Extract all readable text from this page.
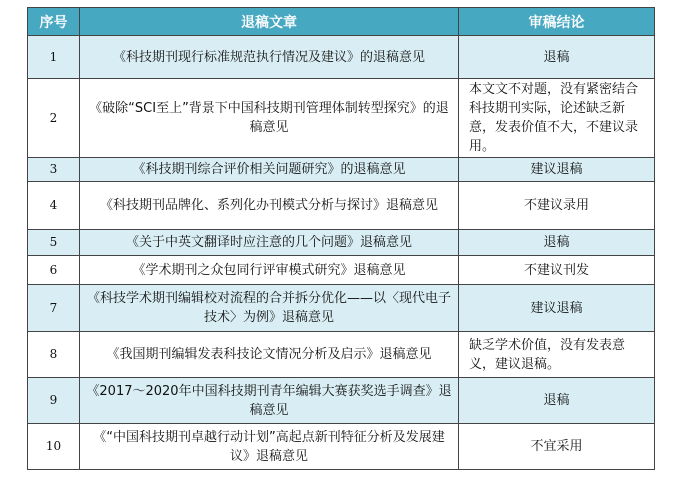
序号	退稿文章	审稿结论
1	《科技期刊现行标准规范执行情况及建议》的退稿意见	退稿
2	《破除“SCI至上”背景下中国科技期刊管理体制转型探究》的退稿意见	本文文不对题，没有紧密结合科技期刊实际，论述缺乏新意，发表价值不大，不建议录用。
3	《科技期刊综合评价相关问题研究》的退稿意见	建议退稿
4	《科技期刊品牌化、系列化办刊模式分析与探讨》退稿意见	不建议录用
5	《关于中英文翻译时应注意的几个问题》退稿意见	退稿
6	《学术期刊之众包同行评审模式研究》退稿意见	不建议刊发
7	《科技学术期刊编辑校对流程的合并拆分优化——以〈现代电子技术〉为例》退稿意见	建议退稿
8	《我国期刊编辑发表科技论文情况分析及启示》退稿意见	缺乏学术价值，没有发表意义，建议退稿。
9	《2017～2020年中国科技期刊青年编辑大赛获奖选手调查》退稿意见	退稿
10	《“中国科技期刊卓越行动计划”高起点新刊特征分析及发展建议》退稿意见	不宜采用
